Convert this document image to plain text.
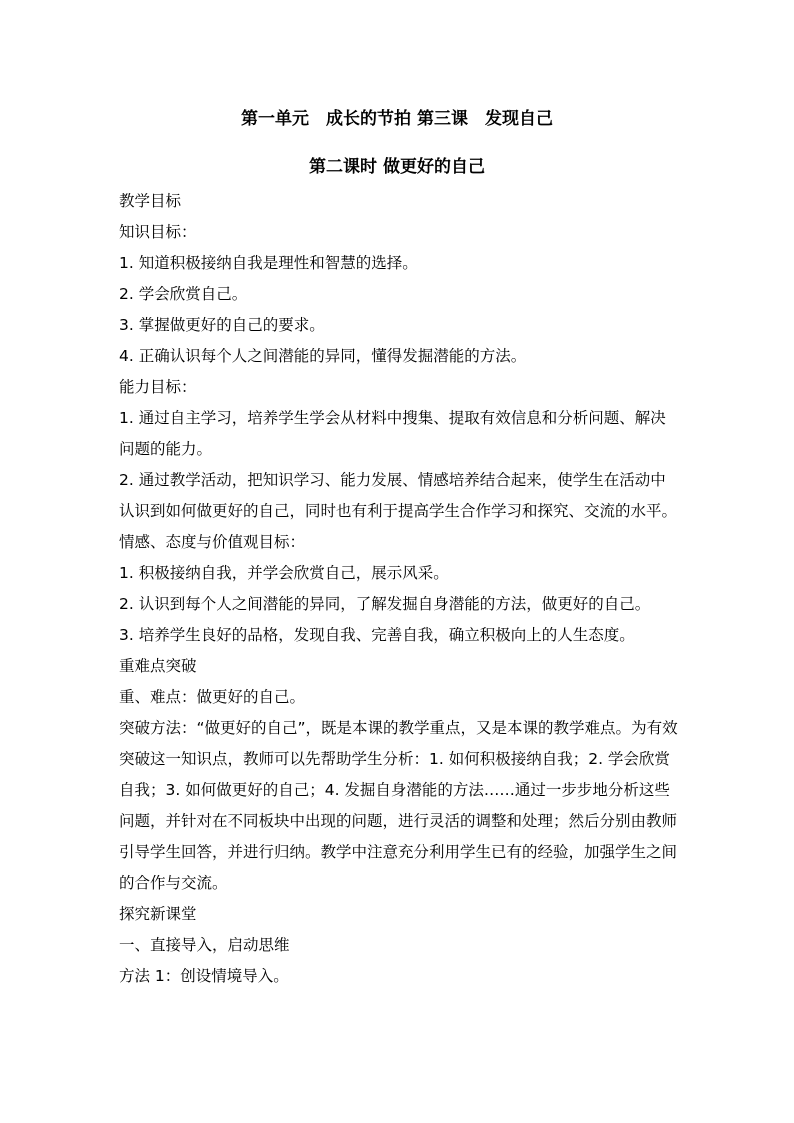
第一单元　成长的节拍 第三课　发现自己
第二课时 做更好的自己

教学目标

知识目标：

1. 知道积极接纳自我是理性和智慧的选择。

2. 学会欣赏自己。

3. 掌握做更好的自己的要求。

4. 正确认识每个人之间潜能的异同，懂得发掘潜能的方法。

能力目标：

1. 通过自主学习，培养学生学会从材料中搜集、提取有效信息和分析问题、解决问题的能力。

2. 通过教学活动，把知识学习、能力发展、情感培养结合起来，使学生在活动中认识到如何做更好的自己，同时也有利于提高学生合作学习和探究、交流的水平。

情感、态度与价值观目标：

1. 积极接纳自我，并学会欣赏自己，展示风采。

2. 认识到每个人之间潜能的异同，了解发掘自身潜能的方法，做更好的自己。

3. 培养学生良好的品格，发现自我、完善自我，确立积极向上的人生态度。

重难点突破

重、难点：做更好的自己。

突破方法：“做更好的自己”，既是本课的教学重点，又是本课的教学难点。为有效突破这一知识点，教师可以先帮助学生分析：1. 如何积极接纳自我；2. 学会欣赏自我；3. 如何做更好的自己；4. 发掘自身潜能的方法……通过一步步地分析这些问题，并针对在不同板块中出现的问题，进行灵活的调整和处理；然后分别由教师引导学生回答，并进行归纳。教学中注意充分利用学生已有的经验，加强学生之间的合作与交流。

探究新课堂

一、直接导入，启动思维

方法 1：创设情境导入。
